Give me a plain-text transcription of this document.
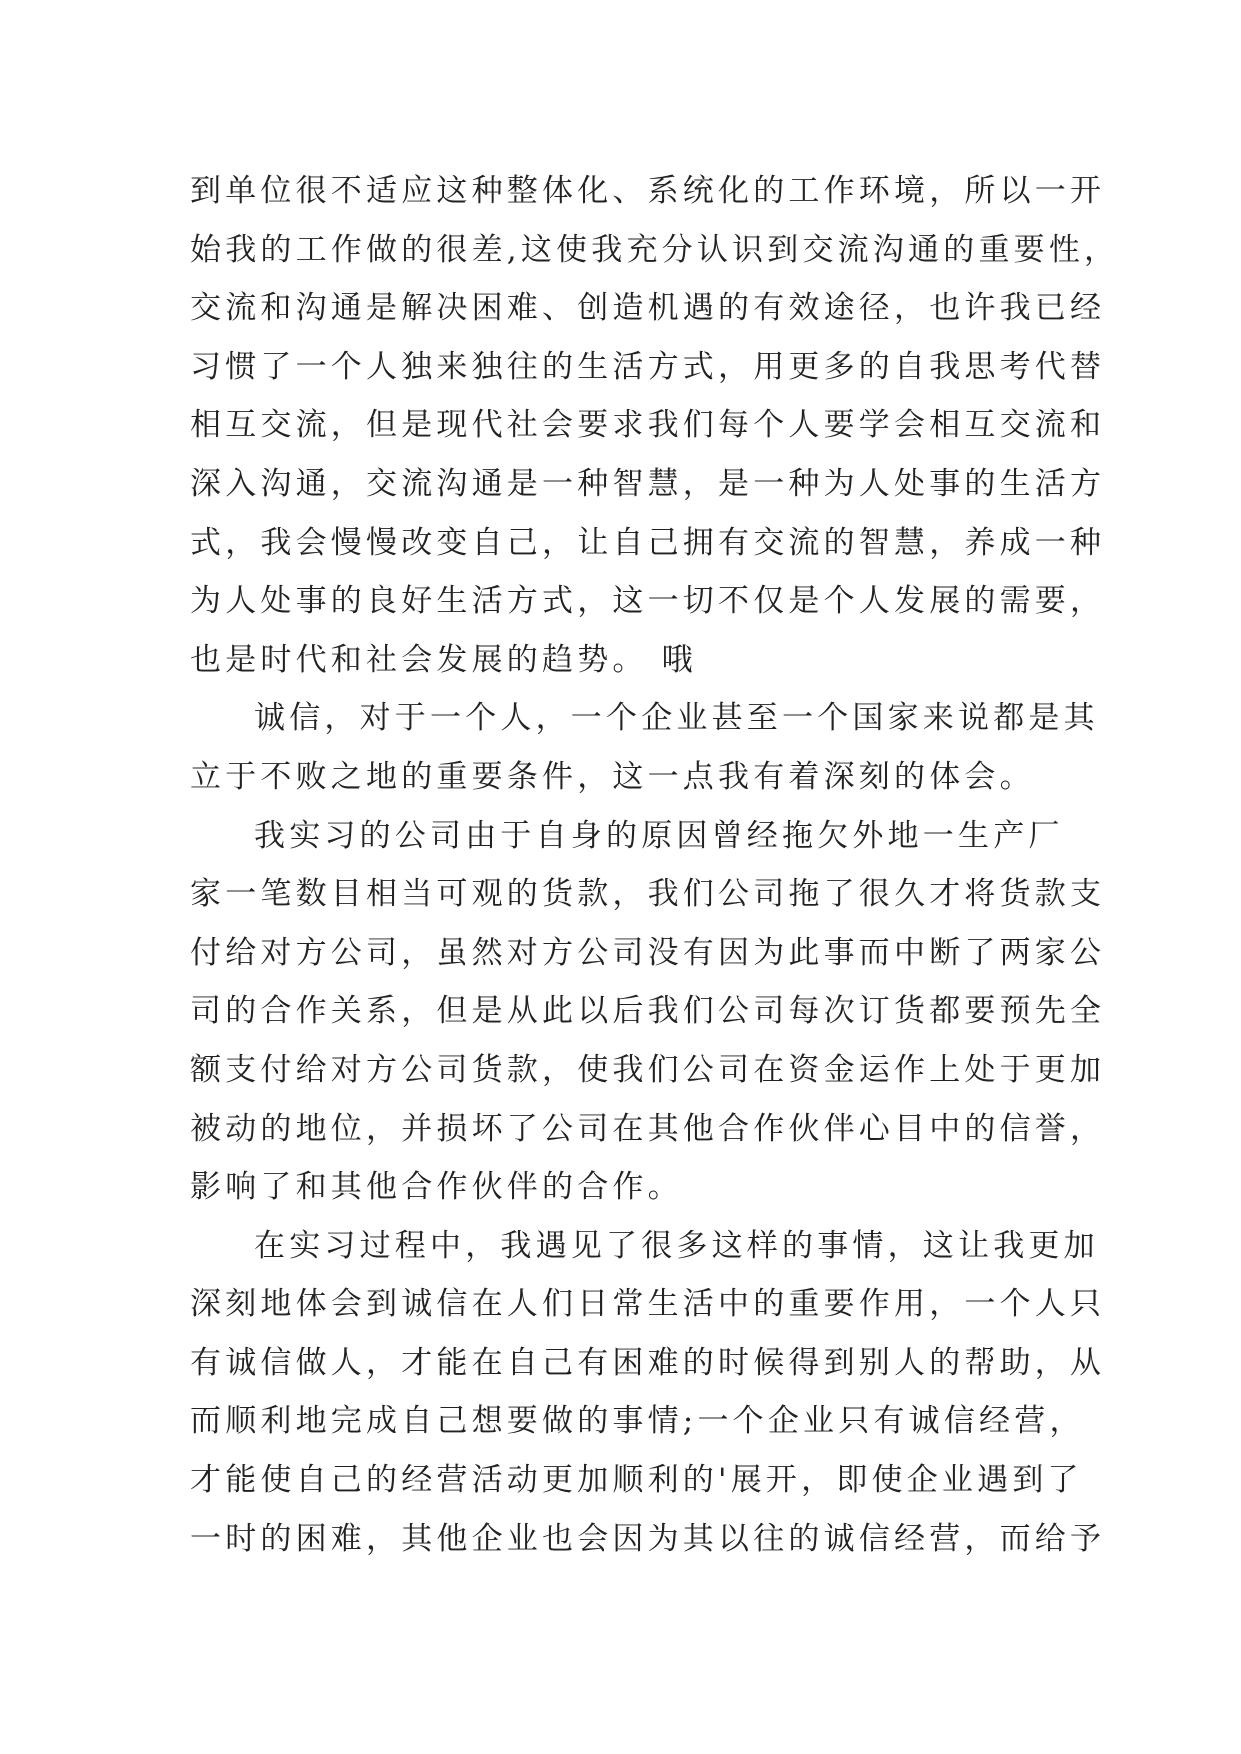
到单位很不适应这种整体化、系统化的工作环境，所以一开
始我的工作做的很差,这使我充分认识到交流沟通的重要性，
交流和沟通是解决困难、创造机遇的有效途径，也许我已经
习惯了一个人独来独往的生活方式，用更多的自我思考代替
相互交流，但是现代社会要求我们每个人要学会相互交流和
深入沟通，交流沟通是一种智慧，是一种为人处事的生活方
式，我会慢慢改变自己，让自己拥有交流的智慧，养成一种
为人处事的良好生活方式，这一切不仅是个人发展的需要，
也是时代和社会发展的趋势。 哦
诚信，对于一个人，一个企业甚至一个国家来说都是其
立于不败之地的重要条件，这一点我有着深刻的体会。
我实习的公司由于自身的原因曾经拖欠外地一生产厂
家一笔数目相当可观的货款，我们公司拖了很久才将货款支
付给对方公司，虽然对方公司没有因为此事而中断了两家公
司的合作关系，但是从此以后我们公司每次订货都要预先全
额支付给对方公司货款，使我们公司在资金运作上处于更加
被动的地位，并损坏了公司在其他合作伙伴心目中的信誉，
影响了和其他合作伙伴的合作。
在实习过程中，我遇见了很多这样的事情，这让我更加
深刻地体会到诚信在人们日常生活中的重要作用，一个人只
有诚信做人，才能在自己有困难的时候得到别人的帮助，从
而顺利地完成自己想要做的事情;一个企业只有诚信经营，
才能使自己的经营活动更加顺利的'展开，即使企业遇到了
一时的困难，其他企业也会因为其以往的诚信经营，而给予
